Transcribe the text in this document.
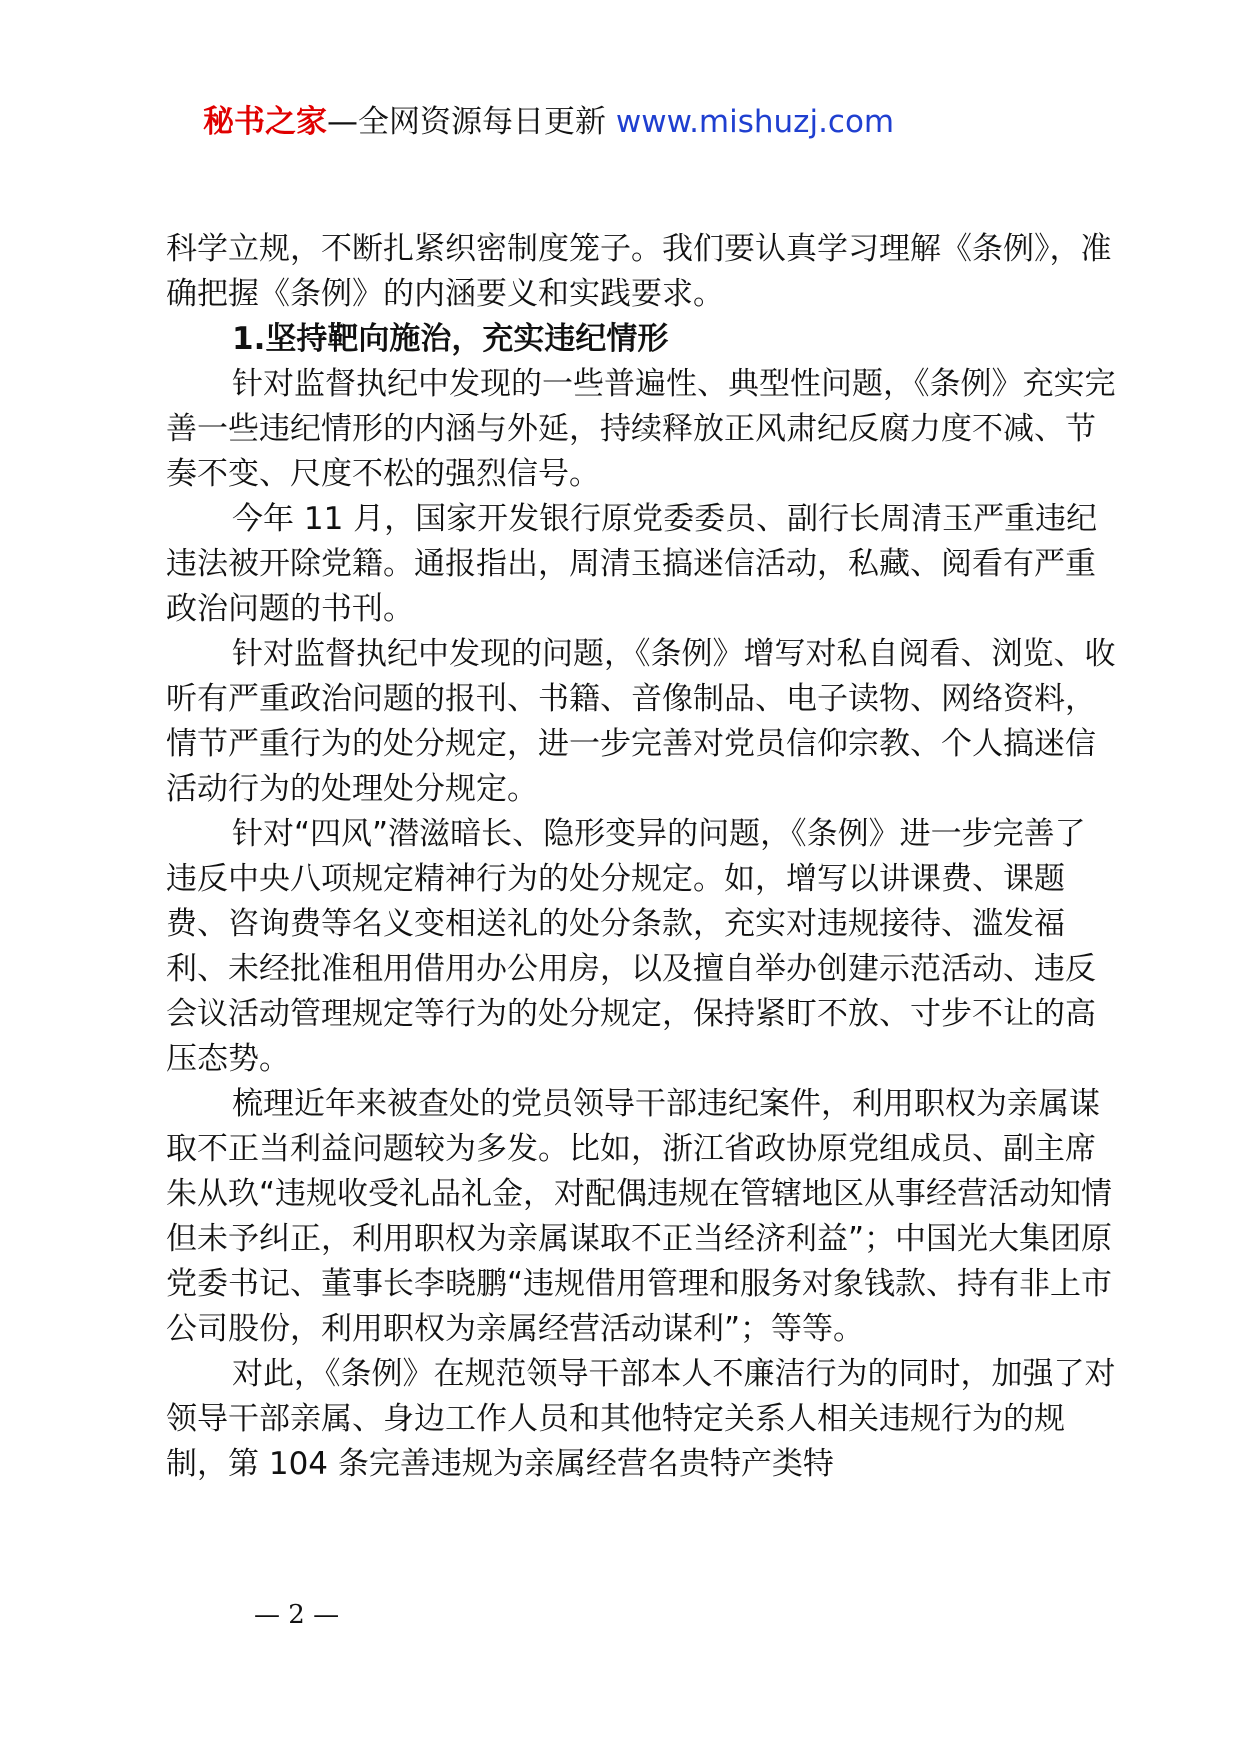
秘书之家—全网资源每日更新 www.mishuzj.com

科学立规，不断扎紧织密制度笼子。我们要认真学习理解《条例》，准确把握《条例》的内涵要义和实践要求。

1.坚持靶向施治，充实违纪情形

针对监督执纪中发现的一些普遍性、典型性问题，《条例》充实完善一些违纪情形的内涵与外延，持续释放正风肃纪反腐力度不减、节奏不变、尺度不松的强烈信号。

今年 11 月，国家开发银行原党委委员、副行长周清玉严重违纪违法被开除党籍。通报指出，周清玉搞迷信活动，私藏、阅看有严重政治问题的书刊。

针对监督执纪中发现的问题，《条例》增写对私自阅看、浏览、收听有严重政治问题的报刊、书籍、音像制品、电子读物、网络资料，情节严重行为的处分规定，进一步完善对党员信仰宗教、个人搞迷信活动行为的处理处分规定。

针对“四风”潜滋暗长、隐形变异的问题，《条例》进一步完善了违反中央八项规定精神行为的处分规定。如，增写以讲课费、课题费、咨询费等名义变相送礼的处分条款，充实对违规接待、滥发福利、未经批准租用借用办公用房，以及擅自举办创建示范活动、违反会议活动管理规定等行为的处分规定，保持紧盯不放、寸步不让的高压态势。

梳理近年来被查处的党员领导干部违纪案件，利用职权为亲属谋取不正当利益问题较为多发。比如，浙江省政协原党组成员、副主席朱从玖“违规收受礼品礼金，对配偶违规在管辖地区从事经营活动知情但未予纠正，利用职权为亲属谋取不正当经济利益”；中国光大集团原党委书记、董事长李晓鹏“违规借用管理和服务对象钱款、持有非上市公司股份，利用职权为亲属经营活动谋利”；等等。

对此，《条例》在规范领导干部本人不廉洁行为的同时，加强了对领导干部亲属、身边工作人员和其他特定关系人相关违规行为的规制，第 104 条完善违规为亲属经营名贵特产类特

— 2 —
